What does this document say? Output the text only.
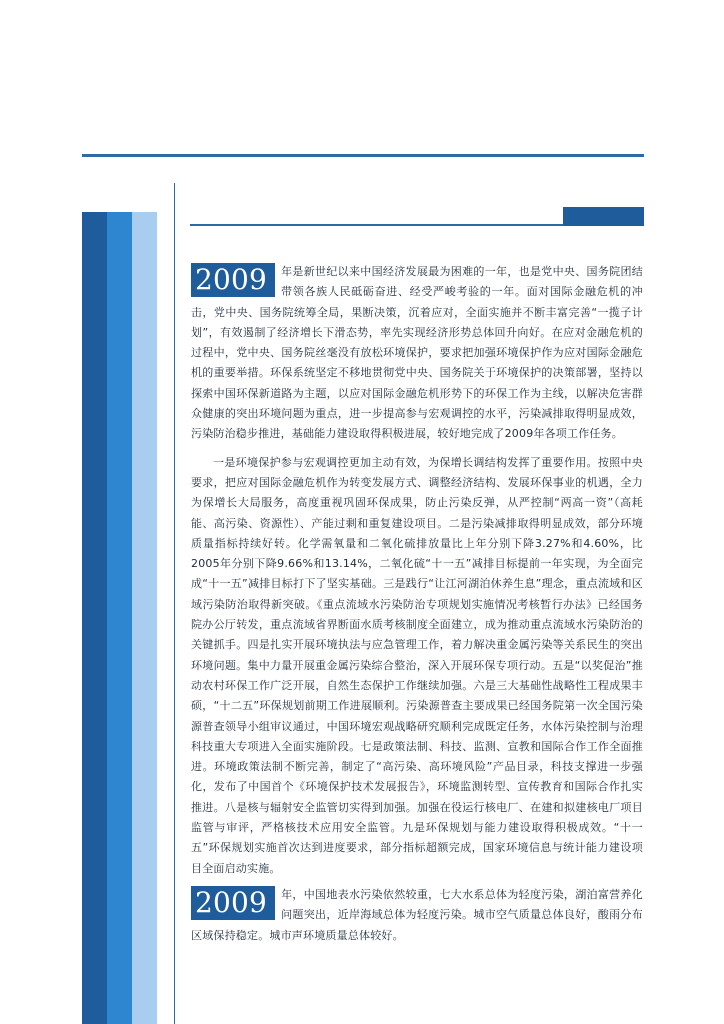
2009	年是新世纪以来中国经济发展最为困难的一年，也是党中央、国务院团结带领各族人民砥砺奋进、经受严峻考验的一年。面对国际金融危机的冲击，党中央、国务院统筹全局，果断决策，沉着应对，全面实施并不断丰富完善“一揽子计划”，有效遏制了经济增长下滑态势，率先实现经济形势总体回升向好。在应对金融危机的过程中，党中央、国务院丝毫没有放松环境保护，要求把加强环境保护作为应对国际金融危机的重要举措。环保系统坚定不移地贯彻党中央、国务院关于环境保护的决策部署，坚持以探索中国环保新道路为主题，以应对国际金融危机形势下的环保工作为主线，以解决危害群众健康的突出环境问题为重点，进一步提高参与宏观调控的水平，污染减排取得明显成效，污染防治稳步推进，基础能力建设取得积极进展，较好地完成了2009年各项工作任务。

一是环境保护参与宏观调控更加主动有效，为保增长调结构发挥了重要作用。按照中央要求，把应对国际金融危机作为转变发展方式、调整经济结构、发展环保事业的机遇，全力为保增长大局服务，高度重视巩固环保成果，防止污染反弹，从严控制“两高一资”（高耗能、高污染、资源性）、产能过剩和重复建设项目。二是污染减排取得明显成效，部分环境质量指标持续好转。化学需氧量和二氧化硫排放量比上年分别下降3.27%和4.60%，比2005年分别下降9.66%和13.14%，二氧化硫“十一五”减排目标提前一年实现，为全面完成“十一五”减排目标打下了坚实基础。三是践行“让江河湖泊休养生息”理念，重点流域和区域污染防治取得新突破。《重点流域水污染防治专项规划实施情况考核暂行办法》已经国务院办公厅转发，重点流域省界断面水质考核制度全面建立，成为推动重点流域水污染防治的关键抓手。四是扎实开展环境执法与应急管理工作，着力解决重金属污染等关系民生的突出环境问题。集中力量开展重金属污染综合整治，深入开展环保专项行动。五是“以奖促治”推动农村环保工作广泛开展，自然生态保护工作继续加强。六是三大基础性战略性工程成果丰硕，“十二五”环保规划前期工作进展顺利。污染源普查主要成果已经国务院第一次全国污染源普查领导小组审议通过，中国环境宏观战略研究顺利完成既定任务，水体污染控制与治理科技重大专项进入全面实施阶段。七是政策法制、科技、监测、宣教和国际合作工作全面推进。环境政策法制不断完善，制定了“高污染、高环境风险”产品目录，科技支撑进一步强化，发布了中国首个《环境保护技术发展报告》，环境监测转型、宣传教育和国际合作扎实推进。八是核与辐射安全监管切实得到加强。加强在役运行核电厂、在建和拟建核电厂项目监管与审评，严格核技术应用安全监管。九是环保规划与能力建设取得积极成效。“十一五”环保规划实施首次达到进度要求，部分指标超额完成，国家环境信息与统计能力建设项目全面启动实施。

2009	年，中国地表水污染依然较重，七大水系总体为轻度污染，湖泊富营养化问题突出，近岸海域总体为轻度污染。城市空气质量总体良好，酸雨分布区域保持稳定。城市声环境质量总体较好。
